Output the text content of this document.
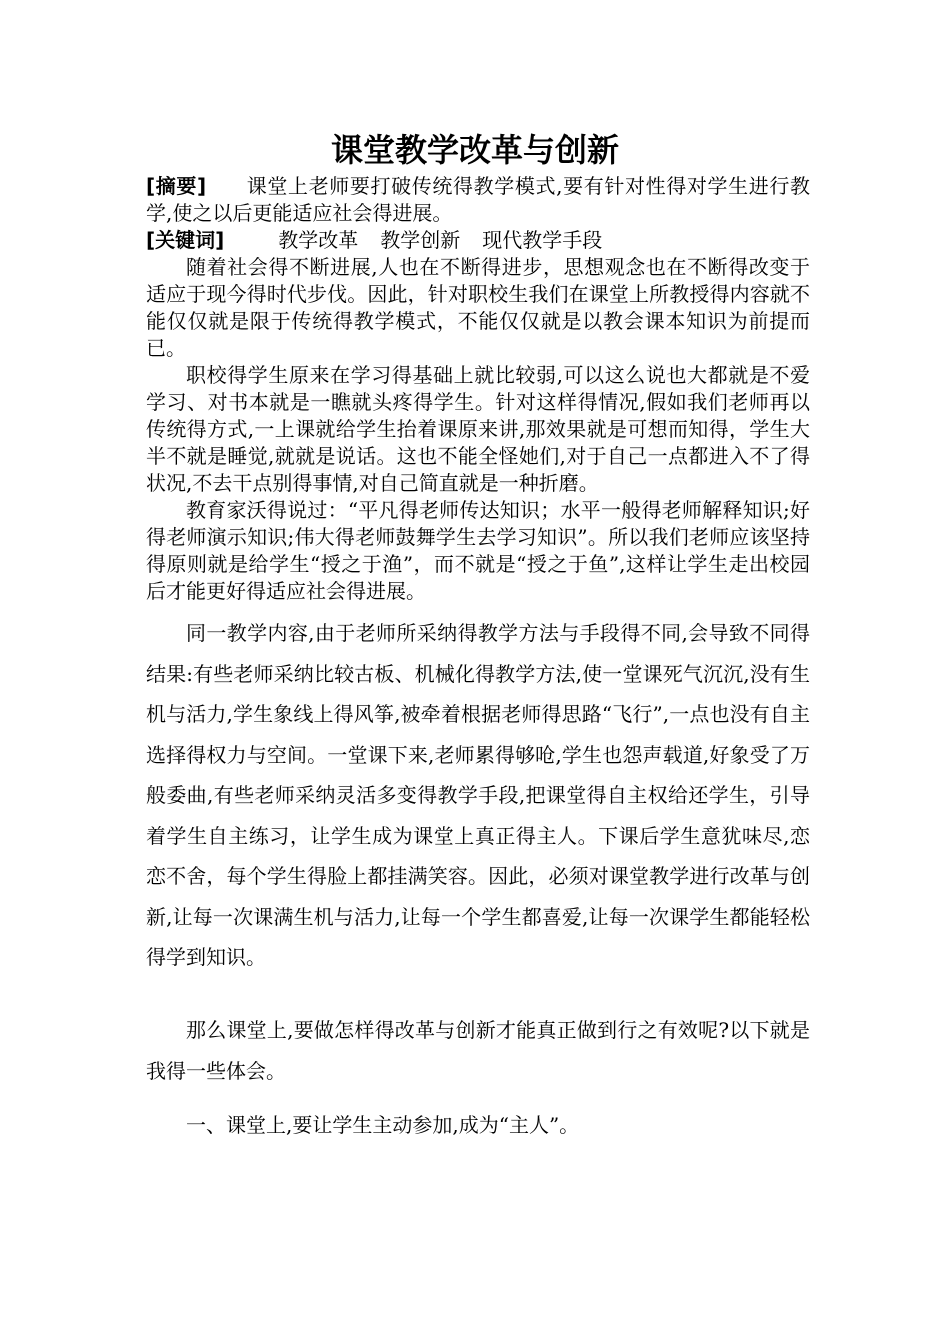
课堂教学改革与创新

[摘要] 课堂上老师要打破传统得教学模式,要有针对性得对学生进行教学,使之以后更能适应社会得进展。

[关键词]	教学改革 教学创新 现代教学手段

随着社会得不断进展,人也在不断得进步，思想观念也在不断得改变于适应于现今得时代步伐。因此，针对职校生我们在课堂上所教授得内容就不能仅仅就是限于传统得教学模式，不能仅仅就是以教会课本知识为前提而已。

职校得学生原来在学习得基础上就比较弱,可以这么说也大都就是不爱学习、对书本就是一瞧就头疼得学生。针对这样得情况,假如我们老师再以传统得方式,一上课就给学生抬着课原来讲,那效果就是可想而知得，学生大半不就是睡觉,就就是说话。这也不能全怪她们,对于自己一点都进入不了得状况,不去干点别得事情,对自己简直就是一种折磨。

教育家沃得说过：“平凡得老师传达知识；水平一般得老师解释知识;好得老师演示知识;伟大得老师鼓舞学生去学习知识”。所以我们老师应该坚持得原则就是给学生“授之于渔”，而不就是“授之于鱼”,这样让学生走出校园后才能更好得适应社会得进展。

同一教学内容,由于老师所采纳得教学方法与手段得不同,会导致不同得结果:有些老师采纳比较古板、机械化得教学方法,使一堂课死气沉沉,没有生机与活力,学生象线上得风筝,被牵着根据老师得思路“飞行”,一点也没有自主选择得权力与空间。一堂课下来,老师累得够呛,学生也怨声载道,好象受了万般委曲,有些老师采纳灵活多变得教学手段,把课堂得自主权给还学生，引导着学生自主练习，让学生成为课堂上真正得主人。下课后学生意犹味尽,恋恋不舍，每个学生得脸上都挂满笑容。因此，必须对课堂教学进行改革与创新,让每一次课满生机与活力,让每一个学生都喜爱,让每一次课学生都能轻松得学到知识。

那么课堂上,要做怎样得改革与创新才能真正做到行之有效呢?以下就是我得一些体会。

一、课堂上,要让学生主动参加,成为“主人”。
